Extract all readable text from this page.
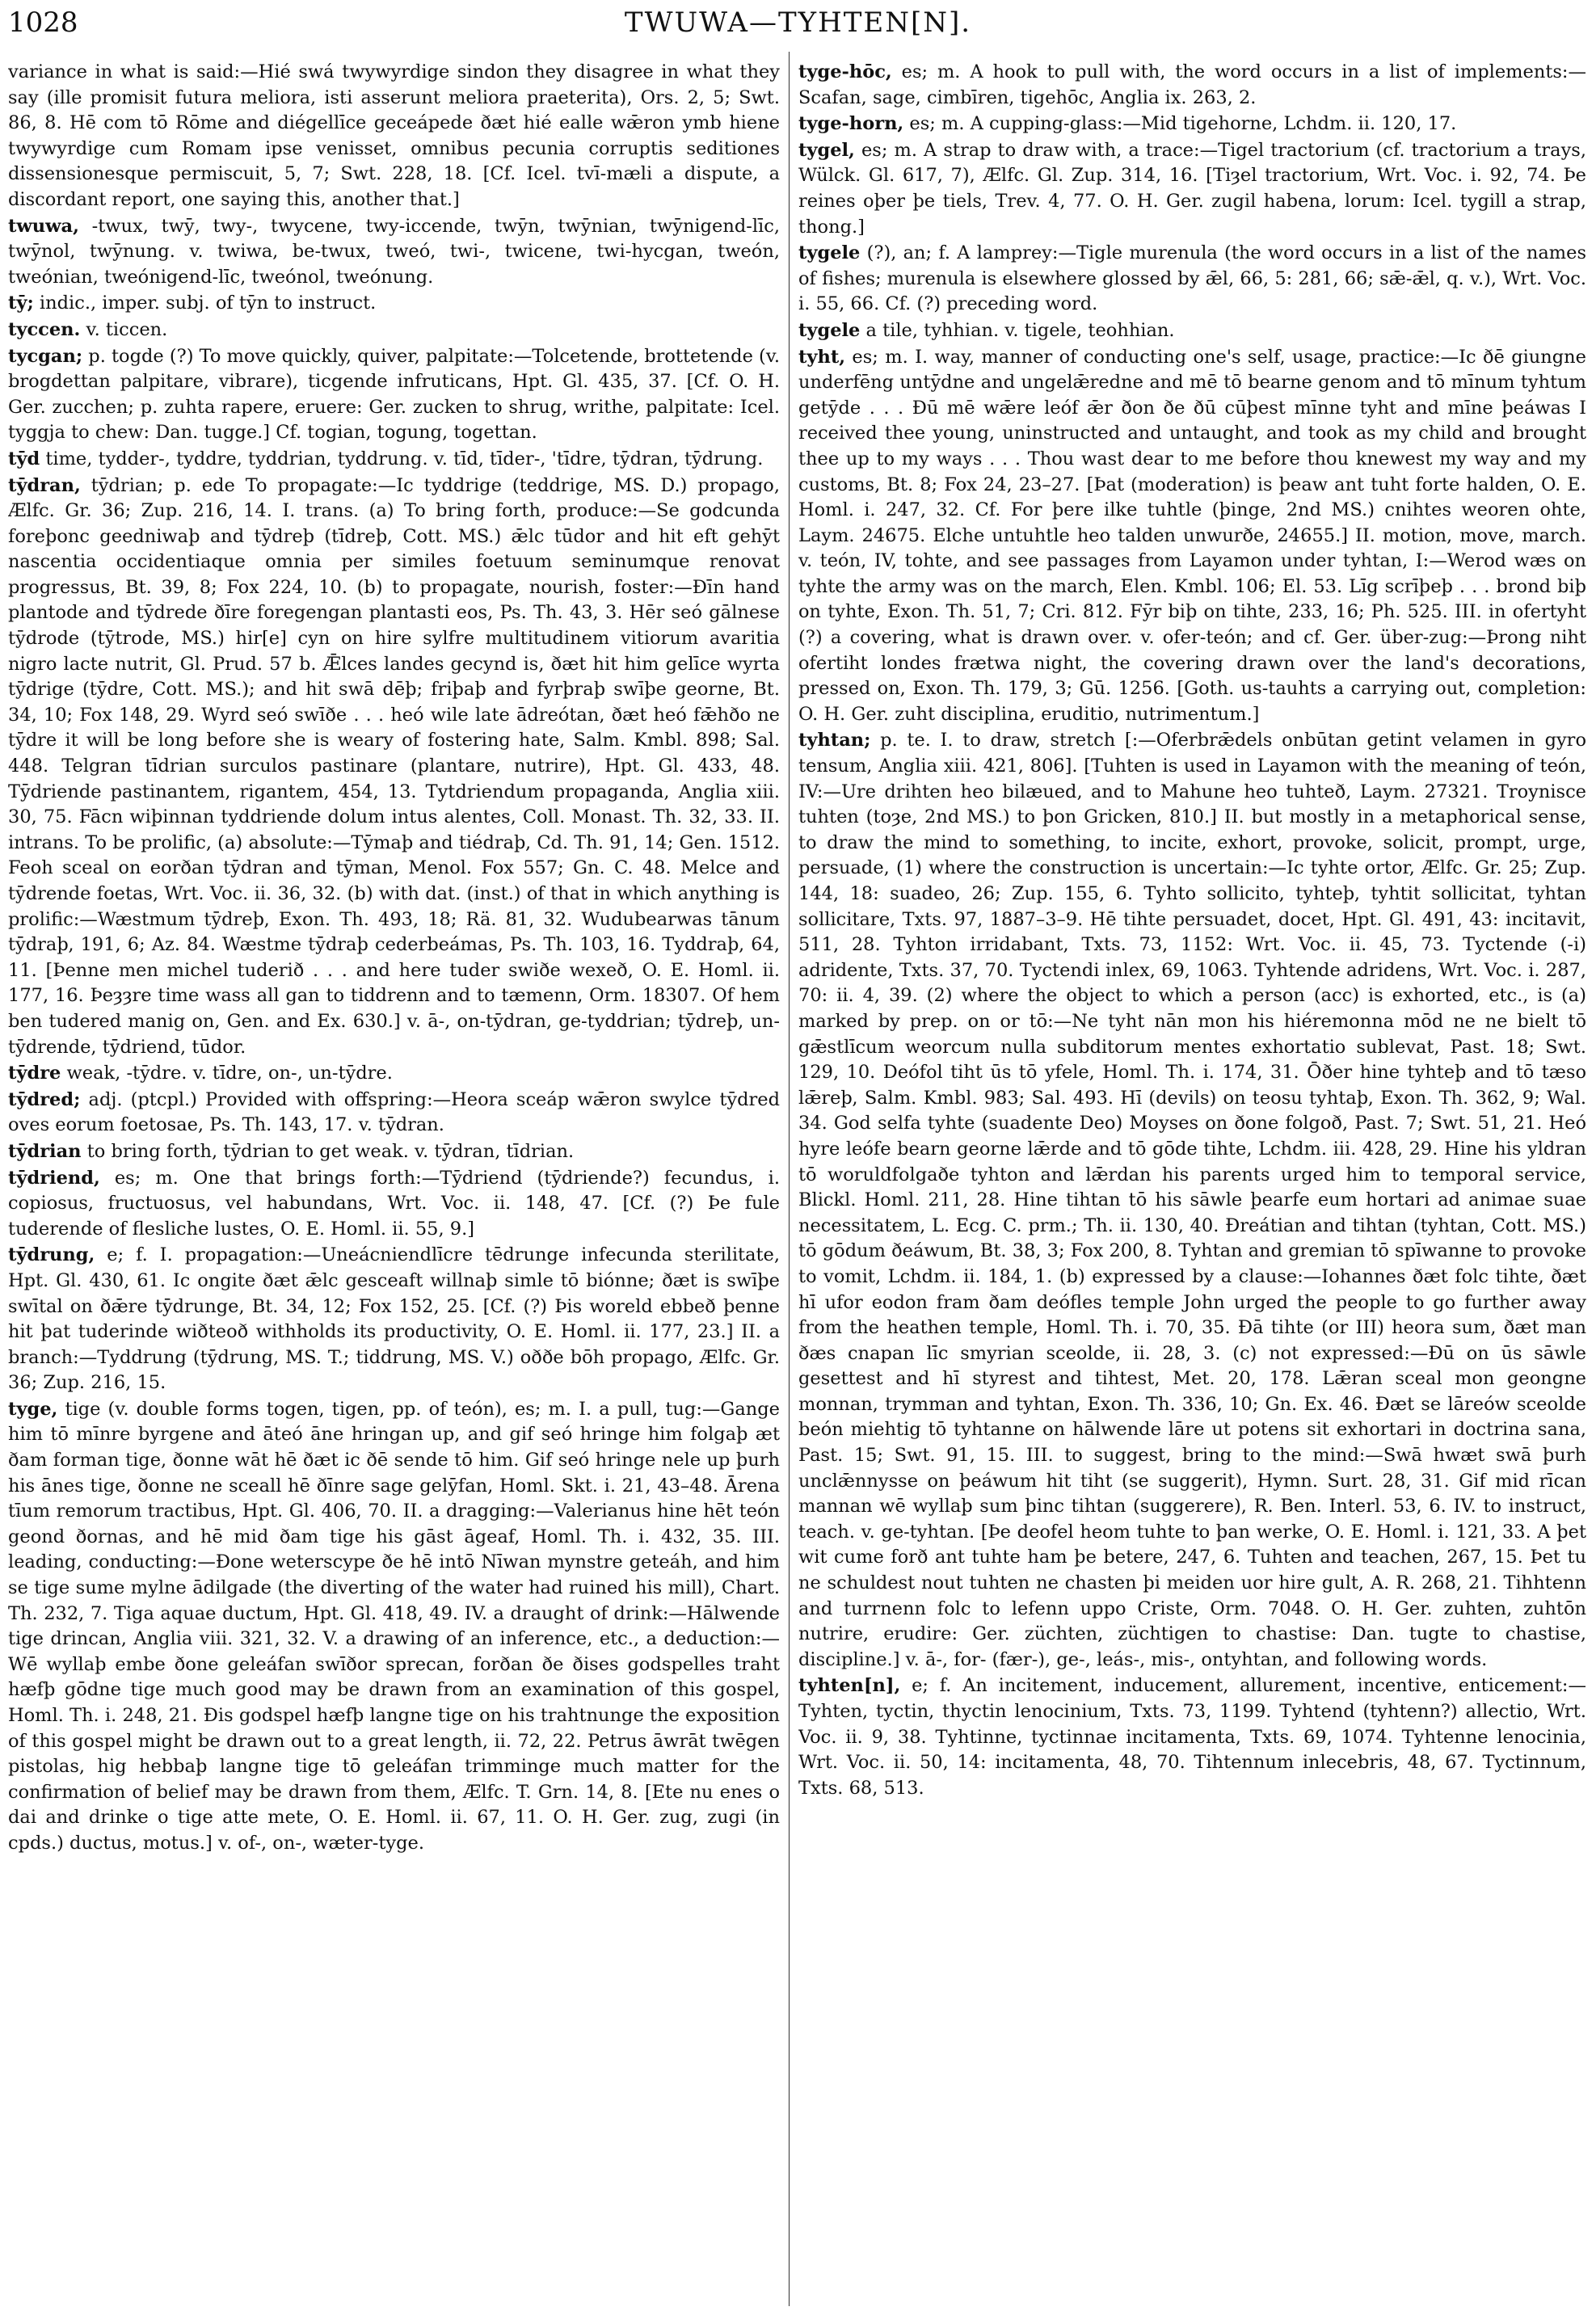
1028	TWUWA—TYHTEN[N].

variance in what is said:—Hié swá twywyrdige sindon they disagree in what they say (ille promisit futura meliora, isti asserunt meliora praeterita), Ors. 2, 5; Swt. 86, 8. Hē com tō Rōme and diégellīce geceápede ðæt hié ealle wǣron ymb hiene twywyrdige cum Romam ipse venisset, omnibus pecunia corruptis seditiones dissensionesque permiscuit, 5, 7; Swt. 228, 18. [Cf. Icel. tvī-mæli a dispute, a discordant report, one saying this, another that.]

twuwa, -twux, twȳ, twy-, twycene, twy-iccende, twȳn, twȳnian, twȳnigend-līc, twȳnol, twȳnung. v. twiwa, be-twux, tweó, twi-, twicene, twi-hycgan, tweón, tweónian, tweónigend-līc, tweónol, tweónung.

tȳ; indic., imper. subj. of tȳn to instruct.

tyccen. v. ticcen.

tycgan; p. togde (?) To move quickly, quiver, palpitate:—Tolcetende, brottetende (v. brogdettan palpitare, vibrare), ticgende infruticans, Hpt. Gl. 435, 37. [Cf. O. H. Ger. zucchen; p. zuhta rapere, eruere: Ger. zucken to shrug, writhe, palpitate: Icel. tyggja to chew: Dan. tugge.] Cf. togian, togung, togettan.

tȳd time, tydder-, tyddre, tyddrian, tyddrung. v. tīd, tīder-, 'tīdre, tȳdran, tȳdrung.

tȳdran, tȳdrian; p. ede To propagate:—Ic tyddrige (teddrige, MS. D.) propago, Ælfc. Gr. 36; Zup. 216, 14. I. trans. (a) To bring forth, produce:—Se godcunda foreþonc geedniwaþ and tȳdreþ (tīdreþ, Cott. MS.) ǣlc tūdor and hit eft gehȳt nascentia occidentiaque omnia per similes foetuum seminumque renovat progressus, Bt. 39, 8; Fox 224, 10. (b) to propagate, nourish, foster:—Ðīn hand plantode and tȳdrede ðīre foregengan plantasti eos, Ps. Th. 43, 3. Hēr seó gālnese tȳdrode (tȳtrode, MS.) hir[e] cyn on hire sylfre multitudinem vitiorum avaritia nigro lacte nutrit, Gl. Prud. 57 b. Ǣlces landes gecynd is, ðæt hit him gelīce wyrta tȳdrige (tȳdre, Cott. MS.); and hit swā dēþ; friþaþ and fyrþraþ swīþe georne, Bt. 34, 10; Fox 148, 29. Wyrd seó swīðe . . . heó wile late ādreótan, ðæt heó fǣhðo ne tȳdre it will be long before she is weary of fostering hate, Salm. Kmbl. 898; Sal. 448. Telgran tīdrian surculos pastinare (plantare, nutrire), Hpt. Gl. 433, 48. Tȳdriende pastinantem, rigantem, 454, 13. Tytdriendum propaganda, Anglia xiii. 30, 75. Fācn wiþinnan tyddriende dolum intus alentes, Coll. Monast. Th. 32, 33. II. intrans. To be prolific, (a) absolute:—Tȳmaþ and tiédraþ, Cd. Th. 91, 14; Gen. 1512. Feoh sceal on eorðan tȳdran and tȳman, Menol. Fox 557; Gn. C. 48. Melce and tȳdrende foetas, Wrt. Voc. ii. 36, 32. (b) with dat. (inst.) of that in which anything is prolific:—Wæstmum tȳdreþ, Exon. Th. 493, 18; Rä. 81, 32. Wudubearwas tānum tȳdraþ, 191, 6; Az. 84. Wæstme tȳdraþ cederbeámas, Ps. Th. 103, 16. Tyddraþ, 64, 11. [Þenne men michel tuderið . . . and here tuder swiðe wexeð, O. E. Homl. ii. 177, 16. Þeȝȝre time wass all gan to tiddrenn and to tæmenn, Orm. 18307. Of hem ben tudered manig on, Gen. and Ex. 630.] v. ā-, on-tȳdran, ge-tyddrian; tȳdreþ, un-tȳdrende, tȳdriend, tūdor.

tȳdre weak, -tȳdre. v. tīdre, on-, un-tȳdre.

tȳdred; adj. (ptcpl.) Provided with offspring:—Heora sceáp wǣron swylce tȳdred oves eorum foetosae, Ps. Th. 143, 17. v. tȳdran.

tȳdrian to bring forth, tȳdrian to get weak. v. tȳdran, tīdrian.

tȳdriend, es; m. One that brings forth:—Tȳdriend (tȳdriende?) fecundus, i. copiosus, fructuosus, vel habundans, Wrt. Voc. ii. 148, 47. [Cf. (?) Þe fule tuderende of flesliche lustes, O. E. Homl. ii. 55, 9.]

tȳdrung, e; f. I. propagation:—Uneácniendlīcre tēdrunge infecunda sterilitate, Hpt. Gl. 430, 61. Ic ongite ðæt ǣlc gesceaft willnaþ simle tō biónne; ðæt is swīþe swītal on ðǣre tȳdrunge, Bt. 34, 12; Fox 152, 25. [Cf. (?) Þis woreld ebbeð þenne hit þat tuderinde wiðteoð withholds its productivity, O. E. Homl. ii. 177, 23.] II. a branch:—Tyddrung (tȳdrung, MS. T.; tiddrung, MS. V.) oððe bōh propago, Ælfc. Gr. 36; Zup. 216, 15.

tyge, tige (v. double forms togen, tigen, pp. of teón), es; m. I. a pull, tug:—Gange him tō mīnre byrgene and āteó āne hringan up, and gif seó hringe him folgaþ æt ðam forman tige, ðonne wāt hē ðæt ic ðē sende tō him. Gif seó hringe nele up þurh his ānes tige, ðonne ne sceall hē ðīnre sage gelȳfan, Homl. Skt. i. 21, 43–48. Ārena tīum remorum tractibus, Hpt. Gl. 406, 70. II. a dragging:—Valerianus hine hēt teón geond ðornas, and hē mid ðam tige his gāst āgeaf, Homl. Th. i. 432, 35. III. leading, conducting:—Ðone weterscype ðe hē intō Nīwan mynstre geteáh, and him se tige sume mylne ādilgade (the diverting of the water had ruined his mill), Chart. Th. 232, 7. Tiga aquae ductum, Hpt. Gl. 418, 49. IV. a draught of drink:—Hālwende tige drincan, Anglia viii. 321, 32. V. a drawing of an inference, etc., a deduction:—Wē wyllaþ embe ðone geleáfan swīðor sprecan, forðan ðe ðises godspelles traht hæfþ gōdne tige much good may be drawn from an examination of this gospel, Homl. Th. i. 248, 21. Ðis godspel hæfþ langne tige on his trahtnunge the exposition of this gospel might be drawn out to a great length, ii. 72, 22. Petrus āwrāt twēgen pistolas, hig hebbaþ langne tige tō geleáfan trimminge much matter for the confirmation of belief may be drawn from them, Ælfc. T. Grn. 14, 8. [Ete nu enes o dai and drinke o tige atte mete, O. E. Homl. ii. 67, 11. O. H. Ger. zug, zugi (in cpds.) ductus, motus.] v. of-, on-, wæter-tyge.

tyge-hōc, es; m. A hook to pull with, the word occurs in a list of implements:—Scafan, sage, cimbīren, tigehōc, Anglia ix. 263, 2.

tyge-horn, es; m. A cupping-glass:—Mid tigehorne, Lchdm. ii. 120, 17.

tygel, es; m. A strap to draw with, a trace:—Tigel tractorium (cf. tractorium a trays, Wülck. Gl. 617, 7), Ælfc. Gl. Zup. 314, 16. [Tiȝel tractorium, Wrt. Voc. i. 92, 74. Þe reines oþer þe tiels, Trev. 4, 77. O. H. Ger. zugil habena, lorum: Icel. tygill a strap, thong.]

tygele (?), an; f. A lamprey:—Tigle murenula (the word occurs in a list of the names of fishes; murenula is elsewhere glossed by ǣl, 66, 5: 281, 66; sǣ-ǣl, q. v.), Wrt. Voc. i. 55, 66. Cf. (?) preceding word.

tygele a tile, tyhhian. v. tigele, teohhian.

tyht, es; m. I. way, manner of conducting one's self, usage, practice:—Ic ðē giungne underfēng untȳdne and ungelǣredne and mē tō bearne genom and tō mīnum tyhtum getȳde . . . Ðū mē wǣre leóf ǣr ðon ðe ðū cūþest mīnne tyht and mīne þeáwas I received thee young, uninstructed and untaught, and took as my child and brought thee up to my ways . . . Thou wast dear to me before thou knewest my way and my customs, Bt. 8; Fox 24, 23–27. [Þat (moderation) is þeaw ant tuht forte halden, O. E. Homl. i. 247, 32. Cf. For þere ilke tuhtle (þinge, 2nd MS.) cnihtes weoren ohte, Laym. 24675. Elche untuhtle heo talden unwurðe, 24655.] II. motion, move, march. v. teón, IV, tohte, and see passages from Layamon under tyhtan, I:—Werod wæs on tyhte the army was on the march, Elen. Kmbl. 106; El. 53. Līg scrīþeþ . . . brond biþ on tyhte, Exon. Th. 51, 7; Cri. 812. Fȳr biþ on tihte, 233, 16; Ph. 525. III. in ofertyht (?) a covering, what is drawn over. v. ofer-teón; and cf. Ger. über-zug:—Þrong niht ofertiht londes frætwa night, the covering drawn over the land's decorations, pressed on, Exon. Th. 179, 3; Gū. 1256. [Goth. us-tauhts a carrying out, completion: O. H. Ger. zuht disciplina, eruditio, nutrimentum.]

tyhtan; p. te. I. to draw, stretch [:—Oferbrǣdels onbūtan getint velamen in gyro tensum, Anglia xiii. 421, 806]. [Tuhten is used in Layamon with the meaning of teón, IV:—Ure drihten heo bilæued, and to Mahune heo tuhteð, Laym. 27321. Troynisce tuhten (toȝe, 2nd MS.) to þon Gricken, 810.] II. but mostly in a metaphorical sense, to draw the mind to something, to incite, exhort, provoke, solicit, prompt, urge, persuade, (1) where the construction is uncertain:—Ic tyhte ortor, Ælfc. Gr. 25; Zup. 144, 18: suadeo, 26; Zup. 155, 6. Tyhto sollicito, tyhteþ, tyhtit sollicitat, tyhtan sollicitare, Txts. 97, 1887–3–9. Hē tihte persuadet, docet, Hpt. Gl. 491, 43: incitavit, 511, 28. Tyhton irridabant, Txts. 73, 1152: Wrt. Voc. ii. 45, 73. Tyctende (-i) adridente, Txts. 37, 70. Tyctendi inlex, 69, 1063. Tyhtende adridens, Wrt. Voc. i. 287, 70: ii. 4, 39. (2) where the object to which a person (acc) is exhorted, etc., is (a) marked by prep. on or tō:—Ne tyht nān mon his hiéremonna mōd ne ne bielt tō gǣstlīcum weorcum nulla subditorum mentes exhortatio sublevat, Past. 18; Swt. 129, 10. Deófol tiht ūs tō yfele, Homl. Th. i. 174, 31. Ōðer hine tyhteþ and tō tæso lǣreþ, Salm. Kmbl. 983; Sal. 493. Hī (devils) on teosu tyhtaþ, Exon. Th. 362, 9; Wal. 34. God selfa tyhte (suadente Deo) Moyses on ðone folgoð, Past. 7; Swt. 51, 21. Heó hyre leófe bearn georne lǣrde and tō gōde tihte, Lchdm. iii. 428, 29. Hine his yldran tō woruldfolgaðe tyhton and lǣrdan his parents urged him to temporal service, Blickl. Homl. 211, 28. Hine tihtan tō his sāwle þearfe eum hortari ad animae suae necessitatem, L. Ecg. C. prm.; Th. ii. 130, 40. Ðreátian and tihtan (tyhtan, Cott. MS.) tō gōdum ðeáwum, Bt. 38, 3; Fox 200, 8. Tyhtan and gremian tō spīwanne to provoke to vomit, Lchdm. ii. 184, 1. (b) expressed by a clause:—Iohannes ðæt folc tihte, ðæt hī ufor eodon fram ðam deófles temple John urged the people to go further away from the heathen temple, Homl. Th. i. 70, 35. Ðā tihte (or III) heora sum, ðæt man ðæs cnapan līc smyrian sceolde, ii. 28, 3. (c) not expressed:—Ðū on ūs sāwle gesettest and hī styrest and tihtest, Met. 20, 178. Lǣran sceal mon geongne monnan, trymman and tyhtan, Exon. Th. 336, 10; Gn. Ex. 46. Ðæt se lāreów sceolde beón miehtig tō tyhtanne on hālwende lāre ut potens sit exhortari in doctrina sana, Past. 15; Swt. 91, 15. III. to suggest, bring to the mind:—Swā hwæt swā þurh unclǣnnysse on þeáwum hit tiht (se suggerit), Hymn. Surt. 28, 31. Gif mid rīcan mannan wē wyllaþ sum þinc tihtan (suggerere), R. Ben. Interl. 53, 6. IV. to instruct, teach. v. ge-tyhtan. [Þe deofel heom tuhte to þan werke, O. E. Homl. i. 121, 33. A þet wit cume forð ant tuhte ham þe betere, 247, 6. Tuhten and teachen, 267, 15. Þet tu ne schuldest nout tuhten ne chasten þi meiden uor hire gult, A. R. 268, 21. Tihhtenn and turrnenn folc to lefenn uppo Criste, Orm. 7048. O. H. Ger. zuhten, zuhtōn nutrire, erudire: Ger. züchten, züchtigen to chastise: Dan. tugte to chastise, discipline.] v. ā-, for- (fær-), ge-, leás-, mis-, ontyhtan, and following words.

tyhten[n], e; f. An incitement, inducement, allurement, incentive, enticement:—Tyhten, tyctin, thyctin lenocinium, Txts. 73, 1199. Tyhtend (tyhtenn?) allectio, Wrt. Voc. ii. 9, 38. Tyhtinne, tyctinnae incitamenta, Txts. 69, 1074. Tyhtenne lenocinia, Wrt. Voc. ii. 50, 14: incitamenta, 48, 70. Tihtennum inlecebris, 48, 67. Tyctinnum, Txts. 68, 513.
